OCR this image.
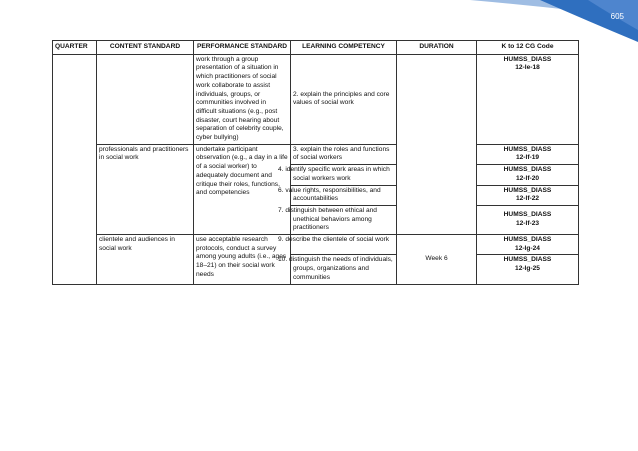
605
QUARTER	CONTENT STANDARD	PERFORMANCE STANDARD	LEARNING COMPETENCY	DURATION	K to 12 CG Code
		work through a group presentation of a situation in which practitioners of social work collaborate to assist individuals, groups, or communities involved in difficult situations (e.g., post disaster, court hearing about separation of celebrity couple, cyber bullying)	2. explain the principles and core values of social work		HUMSS_DIASS
12-Ie-18

	professionals and practitioners in social work	undertake participant observation (e.g., a day in a life of a social worker) to adequately document and critique their roles, functions, and competencies	3. explain the roles and functions of social workers		HUMSS_DIASS
12-If-19

			4. identify specific work areas in which social workers work		HUMSS_DIASS
12-If-20

			6. value rights, responsibilities, and accountabilities		HUMSS_DIASS
12-If-22

			7. distinguish between ethical and unethical behaviors among practitioners		HUMSS_DIASS
12-If-23

	clientele and audiences in social work	use acceptable research protocols, conduct a survey among young adults (i.e., ages 18–21) on their social work needs	9. describe the clientele of social work	Week 6	HUMSS_DIASS
12-Ig-24

			10. distinguish the needs of individuals, groups, organizations and communities		HUMSS_DIASS
12-Ig-25
